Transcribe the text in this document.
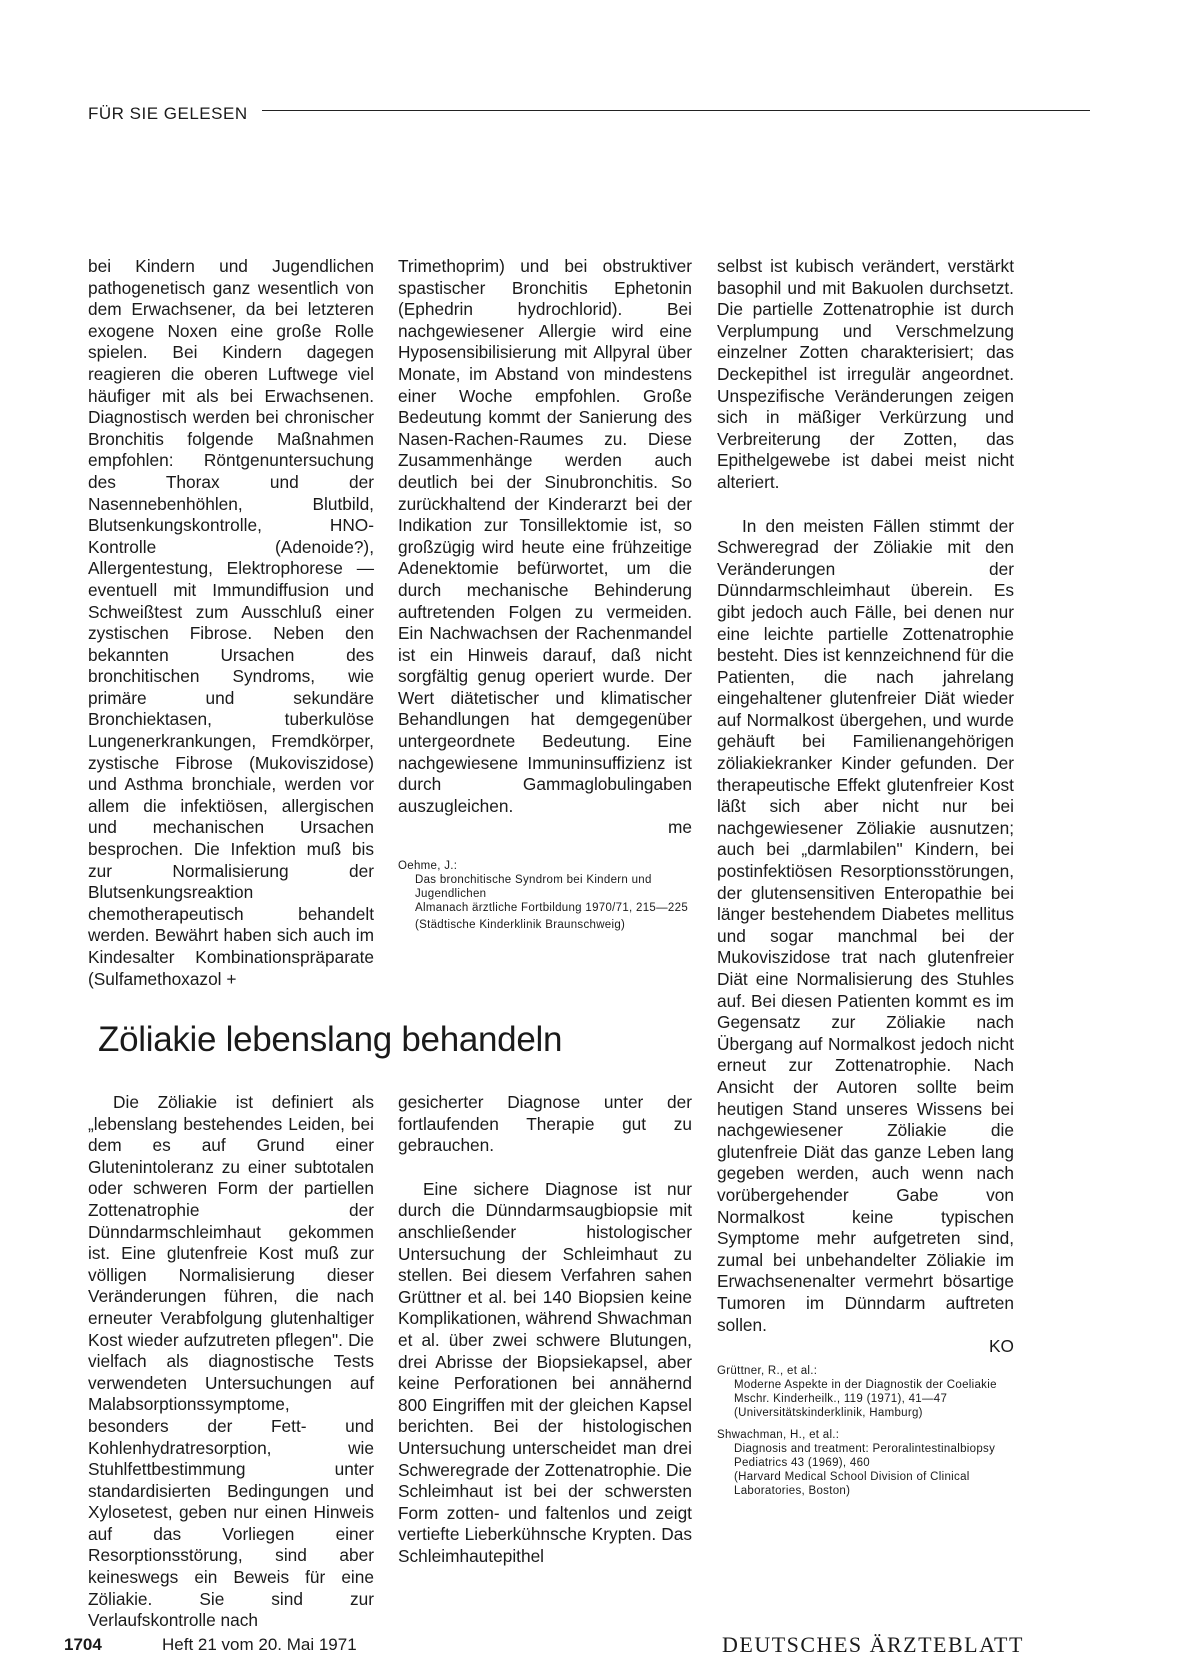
FÜR SIE GELESEN

bei Kindern und Jugendlichen pathogenetisch ganz wesentlich von dem Erwachsener, da bei letzteren exogene Noxen eine große Rolle spielen. Bei Kindern dagegen reagieren die oberen Luftwege viel häufiger mit als bei Erwachsenen. Diagnostisch werden bei chronischer Bronchitis folgende Maßnahmen empfohlen: Röntgenuntersuchung des Thorax und der Nasennebenhöhlen, Blutbild, Blutsenkungskontrolle, HNO-Kontrolle (Adenoide?), Allergentestung, Elektrophorese — eventuell mit Immundiffusion und Schweißtest zum Ausschluß einer zystischen Fibrose. Neben den bekannten Ursachen des bronchitischen Syndroms, wie primäre und sekundäre Bronchiektasen, tuberkulöse Lungenerkrankungen, Fremdkörper, zystische Fibrose (Mukoviszidose) und Asthma bronchiale, werden vor allem die infektiösen, allergischen und mechanischen Ursachen besprochen. Die Infektion muß bis zur Normalisierung der Blutsenkungsreaktion chemotherapeutisch behandelt werden. Bewährt haben sich auch im Kindesalter Kombinationspräparate (Sulfamethoxazol +

Trimethoprim) und bei obstruktiver spastischer Bronchitis Ephetonin (Ephedrin hydrochlorid). Bei nachgewiesener Allergie wird eine Hyposensibilisierung mit Allpyral über Monate, im Abstand von mindestens einer Woche empfohlen. Große Bedeutung kommt der Sanierung des Nasen-Rachen-Raumes zu. Diese Zusammenhänge werden auch deutlich bei der Sinubronchitis. So zurückhaltend der Kinderarzt bei der Indikation zur Tonsillektomie ist, so großzügig wird heute eine frühzeitige Adenektomie befürwortet, um die durch mechanische Behinderung auftretenden Folgen zu vermeiden. Ein Nachwachsen der Rachenmandel ist ein Hinweis darauf, daß nicht sorgfältig genug operiert wurde. Der Wert diätetischer und klimatischer Behandlungen hat demgegenüber untergeordnete Bedeutung. Eine nachgewiesene Immuninsuffizienz ist durch Gammaglobulingaben auszugleichen.
me

Oehme, J.:
Das bronchitische Syndrom bei Kindern und Jugendlichen
Almanach ärztliche Fortbildung 1970/71, 215—225
(Städtische Kinderklinik Braunschweig)

selbst ist kubisch verändert, verstärkt basophil und mit Bakuolen durchsetzt. Die partielle Zottenatrophie ist durch Verplumpung und Verschmelzung einzelner Zotten charakterisiert; das Deckepithel ist irregulär angeordnet. Unspezifische Veränderungen zeigen sich in mäßiger Verkürzung und Verbreiterung der Zotten, das Epithelgewebe ist dabei meist nicht alteriert.

In den meisten Fällen stimmt der Schweregrad der Zöliakie mit den Veränderungen der Dünndarmschleimhaut überein. Es gibt jedoch auch Fälle, bei denen nur eine leichte partielle Zottenatrophie besteht. Dies ist kennzeichnend für die Patienten, die nach jahrelang eingehaltener glutenfreier Diät wieder auf Normalkost übergehen, und wurde gehäuft bei Familienangehörigen zöliakiekranker Kinder gefunden. Der therapeutische Effekt glutenfreier Kost läßt sich aber nicht nur bei nachgewiesener Zöliakie ausnutzen; auch bei „darmlabilen" Kindern, bei postinfektiösen Resorptionsstörungen, der glutensensitiven Enteropathie bei länger bestehendem Diabetes mellitus und sogar manchmal bei der Mukoviszidose trat nach glutenfreier Diät eine Normalisierung des Stuhles auf. Bei diesen Patienten kommt es im Gegensatz zur Zöliakie nach Übergang auf Normalkost jedoch nicht erneut zur Zottenatrophie. Nach Ansicht der Autoren sollte beim heutigen Stand unseres Wissens bei nachgewiesener Zöliakie die glutenfreie Diät das ganze Leben lang gegeben werden, auch wenn nach vorübergehender Gabe von Normalkost keine typischen Symptome mehr aufgetreten sind, zumal bei unbehandelter Zöliakie im Erwachsenenalter vermehrt bösartige Tumoren im Dünndarm auftreten sollen.
KO

Grüttner, R., et al.:
Moderne Aspekte in der Diagnostik der Coeliakie
Mschr. Kinderheilk., 119 (1971), 41—47
(Universitätskinderklinik, Hamburg)
Shwachman, H., et al.:
Diagnosis and treatment: Peroralintestinalbiopsy
Pediatrics 43 (1969), 460
(Harvard Medical School Division of Clinical Laboratories, Boston)
Zöliakie lebenslang behandeln

Die Zöliakie ist definiert als „lebenslang bestehendes Leiden, bei dem es auf Grund einer Glutenintoleranz zu einer subtotalen oder schweren Form der partiellen Zottenatrophie der Dünndarmschleimhaut gekommen ist. Eine glutenfreie Kost muß zur völligen Normalisierung dieser Veränderungen führen, die nach erneuter Verabfolgung glutenhaltiger Kost wieder aufzutreten pflegen". Die vielfach als diagnostische Tests verwendeten Untersuchungen auf Malabsorptionssymptome, besonders der Fett- und Kohlenhydratresorption, wie Stuhlfettbestimmung unter standardisierten Bedingungen und Xylosetest, geben nur einen Hinweis auf das Vorliegen einer Resorptionsstörung, sind aber keineswegs ein Beweis für eine Zöliakie. Sie sind zur Verlaufskontrolle nach

gesicherter Diagnose unter der fortlaufenden Therapie gut zu gebrauchen.

Eine sichere Diagnose ist nur durch die Dünndarmsaugbiopsie mit anschließender histologischer Untersuchung der Schleimhaut zu stellen. Bei diesem Verfahren sahen Grüttner et al. bei 140 Biopsien keine Komplikationen, während Shwachman et al. über zwei schwere Blutungen, drei Abrisse der Biopsiekapsel, aber keine Perforationen bei annähernd 800 Eingriffen mit der gleichen Kapsel berichten. Bei der histologischen Untersuchung unterscheidet man drei Schweregrade der Zottenatrophie. Die Schleimhaut ist bei der schwersten Form zotten- und faltenlos und zeigt vertiefte Lieberkühnsche Krypten. Das Schleimhautepithel

1704	Heft 21 vom 20. Mai 1971	DEUTSCHES ÄRZTEBLATT
